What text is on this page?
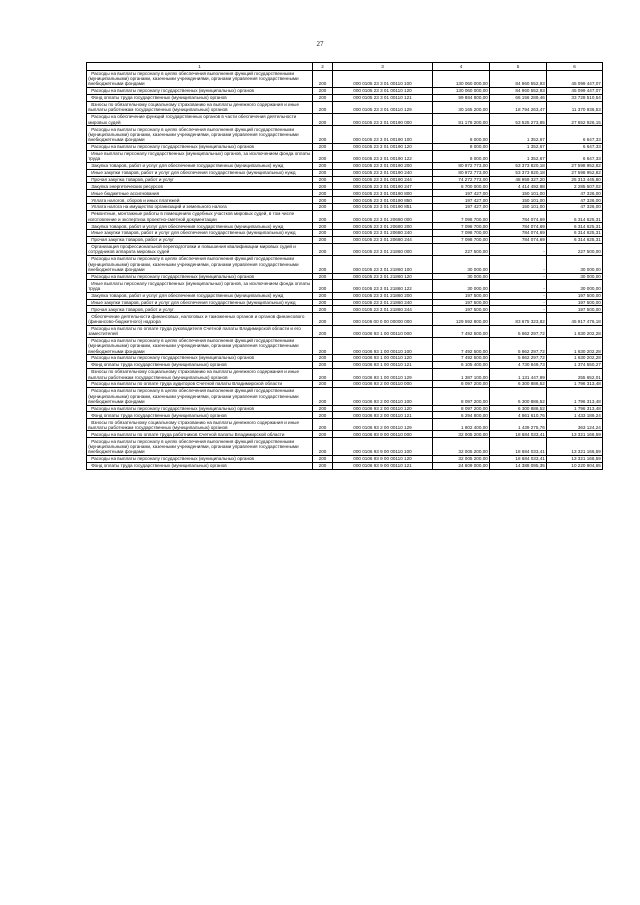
27
1	2	3	4	5	6
Расходы на выплаты персоналу в целях обеспечения выполнения функций государственными (муниципальными) органами, казенными учреждениями, органами управления государственными внебюджетными фондами	200	000 0105 23 3 01 00110 100	130 060 000,00	84 960 552,93	45 099 447,07
Расходы на выплаты персоналу государственных (муниципальных) органов	200	000 0105 23 3 01 00110 120	130 060 000,00	84 960 552,93	45 099 447,07
Фонд оплаты труда государственных (муниципальных) органов	200	000 0105 23 3 01 00110 121	99 884 800,00	66 156 289,46	33 728 510,54
Взносы по обязательному социальному страхованию на выплаты денежного содержания и иные выплаты работникам государственных (муниципальных) органов	200	000 0105 23 3 01 00110 129	30 165 200,00	18 794 263,47	11 370 936,53
Расходы на обеспечение функций государственных органов в части обеспечения деятельности мировых судей	200	000 0105 23 3 01 00190 000	81 178 200,00	53 525 273,85	27 652 926,15
Расходы на выплаты персоналу в целях обеспечения выполнения функций государственными (муниципальными) органами, казенными учреждениями, органами управления государственными внебюджетными фондами	200	000 0105 23 3 01 00190 100	8 000,00	1 352,67	6 647,33
Расходы на выплаты персоналу государственных (муниципальных) органов	200	000 0105 23 3 01 00190 120	8 000,00	1 352,67	6 647,33
Иные выплаты персоналу государственных (муниципальных) органов, за исключением фонда оплаты труда	200	000 0105 23 3 01 00190 122	8 000,00	1 352,67	6 647,33
Закупка товаров, работ и услуг для обеспечения государственных (муниципальных) нужд	200	000 0105 23 3 01 00190 200	80 972 773,00	53 373 820,18	27 598 952,82
Иные закупки товаров, работ и услуг для обеспечения государственных (муниципальных) нужд	200	000 0105 23 3 01 00190 240	80 972 773,00	53 373 820,18	27 598 952,82
Прочая закупка товаров, работ и услуг	200	000 0105 23 3 01 00190 244	74 272 773,00	48 959 327,20	25 313 445,80
Закупка энергетических ресурсов	200	000 0105 23 3 01 00190 247	6 700 000,00	4 414 492,98	2 285 507,02
Иные бюджетные ассигнования	200	000 0105 23 3 01 00190 800	197 427,00	150 101,00	47 326,00
Уплата налогов, сборов и иных платежей	200	000 0105 23 3 01 00190 850	197 427,00	150 101,00	47 326,00
Уплата налога на имущество организаций и земельного налога	200	000 0105 23 3 01 00190 851	197 427,00	150 101,00	47 326,00
Ремонтные, монтажные работы в помещениях судебных участков мировых судей, в том числе изготовление и экспертиза проектно-сметной документации	200	000 0105 23 3 01 20680 000	7 098 700,00	784 074,69	6 314 625,31
Закупка товаров, работ и услуг для обеспечения государственных (муниципальных) нужд	200	000 0105 23 3 01 20680 200	7 098 700,00	784 074,69	6 314 625,31
Иные закупки товаров, работ и услуг для обеспечения государственных (муниципальных) нужд	200	000 0105 23 3 01 20680 240	7 098 700,00	784 074,69	6 314 625,31
Прочая закупка товаров, работ и услуг	200	000 0105 23 3 01 20680 244	7 098 700,00	784 074,69	6 314 625,31
Организация профессиональной переподготовки и повышения квалификации мировых судей и сотрудников аппарата мировых судей	200	000 0105 23 3 01 21860 000	227 500,00	-	227 500,00
Расходы на выплаты персоналу в целях обеспечения выполнения функций государственными (муниципальными) органами, казенными учреждениями, органами управления государственными внебюджетными фондами	200	000 0105 23 3 01 21860 100	30 000,00	-	30 000,00
Расходы на выплаты персоналу государственных (муниципальных) органов	200	000 0105 23 3 01 21860 120	30 000,00	-	30 000,00
Иные выплаты персоналу государственных (муниципальных) органов, за исключением фонда оплаты труда	200	000 0105 23 3 01 21860 122	30 000,00	-	30 000,00
Закупка товаров, работ и услуг для обеспечения государственных (муниципальных) нужд	200	000 0105 23 3 01 21860 200	197 500,00	-	197 500,00
Иные закупки товаров, работ и услуг для обеспечения государственных (муниципальных) нужд	200	000 0105 23 3 01 21860 240	197 500,00	-	197 500,00
Прочая закупка товаров, работ и услуг	200	000 0105 23 3 01 21860 244	197 500,00	-	197 500,00
Обеспечение деятельности финансовых, налоговых и таможенных органов и органов финансового (финансово-бюджетного) надзора	200	000 0106 00 0 00 00000 000	129 592 800,00	83 675 323,82	45 917 476,18
Расходы на выплаты по оплате труда руководителя Счетной палаты Владимирской области и его заместителей	200	000 0106 93 1 00 00110 000	7 492 500,00	5 862 297,72	1 630 202,28
Расходы на выплаты персоналу в целях обеспечения выполнения функций государственными (муниципальными) органами, казенными учреждениями, органами управления государственными внебюджетными фондами	200	000 0106 93 1 00 00110 100	7 492 500,00	5 862 297,72	1 630 202,28
Расходы на выплаты персоналу государственных (муниципальных) органов	200	000 0106 93 1 00 00110 120	7 492 500,00	5 862 297,72	1 630 202,28
Фонд оплаты труда государственных (муниципальных) органов	200	000 0106 93 1 00 00110 121	6 105 400,00	4 730 849,73	1 374 550,27
Взносы по обязательному социальному страхованию на выплаты денежного содержания и иные выплаты работникам государственных (муниципальных) органов	200	000 0106 93 1 00 00110 129	1 387 100,00	1 131 447,99	255 652,01
Расходы на выплаты по оплате труда аудиторов Счетной палаты Владимирской области	200	000 0106 93 2 00 00110 000	8 097 200,00	6 300 886,52	1 796 313,48
Расходы на выплаты персоналу в целях обеспечения выполнения функций государственными (муниципальными) органами, казенными учреждениями, органами управления государственными внебюджетными фондами	200	000 0106 93 2 00 00110 100	8 097 200,00	6 300 886,52	1 796 313,48
Расходы на выплаты персоналу государственных (муниципальных) органов	200	000 0106 93 2 00 00110 120	8 097 200,00	6 300 886,52	1 796 313,48
Фонд оплаты труда государственных (муниципальных) органов	200	000 0106 93 2 00 00110 121	6 294 800,00	4 861 610,76	1 433 189,24
Взносы по обязательному социальному страхованию на выплаты денежного содержания и иные выплаты работникам государственных (муниципальных) органов	200	000 0106 93 2 00 00110 129	1 802 400,00	1 439 275,76	363 124,24
Расходы на выплаты по оплате труда работников Счетной палаты Владимирской области	200	000 0106 93 9 00 00110 000	32 005 200,00	18 684 033,41	13 321 166,59
Расходы на выплаты персоналу в целях обеспечения выполнения функций государственными (муниципальными) органами, казенными учреждениями, органами управления государственными внебюджетными фондами	200	000 0106 93 9 00 00110 100	32 005 200,00	18 684 033,41	13 321 166,59
Расходы на выплаты персоналу государственных (муниципальных) органов	200	000 0106 93 9 00 00110 120	32 005 200,00	18 684 033,41	13 321 166,59
Фонд оплаты труда государственных (муниципальных) органов	200	000 0106 93 9 00 00110 121	24 609 000,00	14 388 095,35	10 220 904,65
